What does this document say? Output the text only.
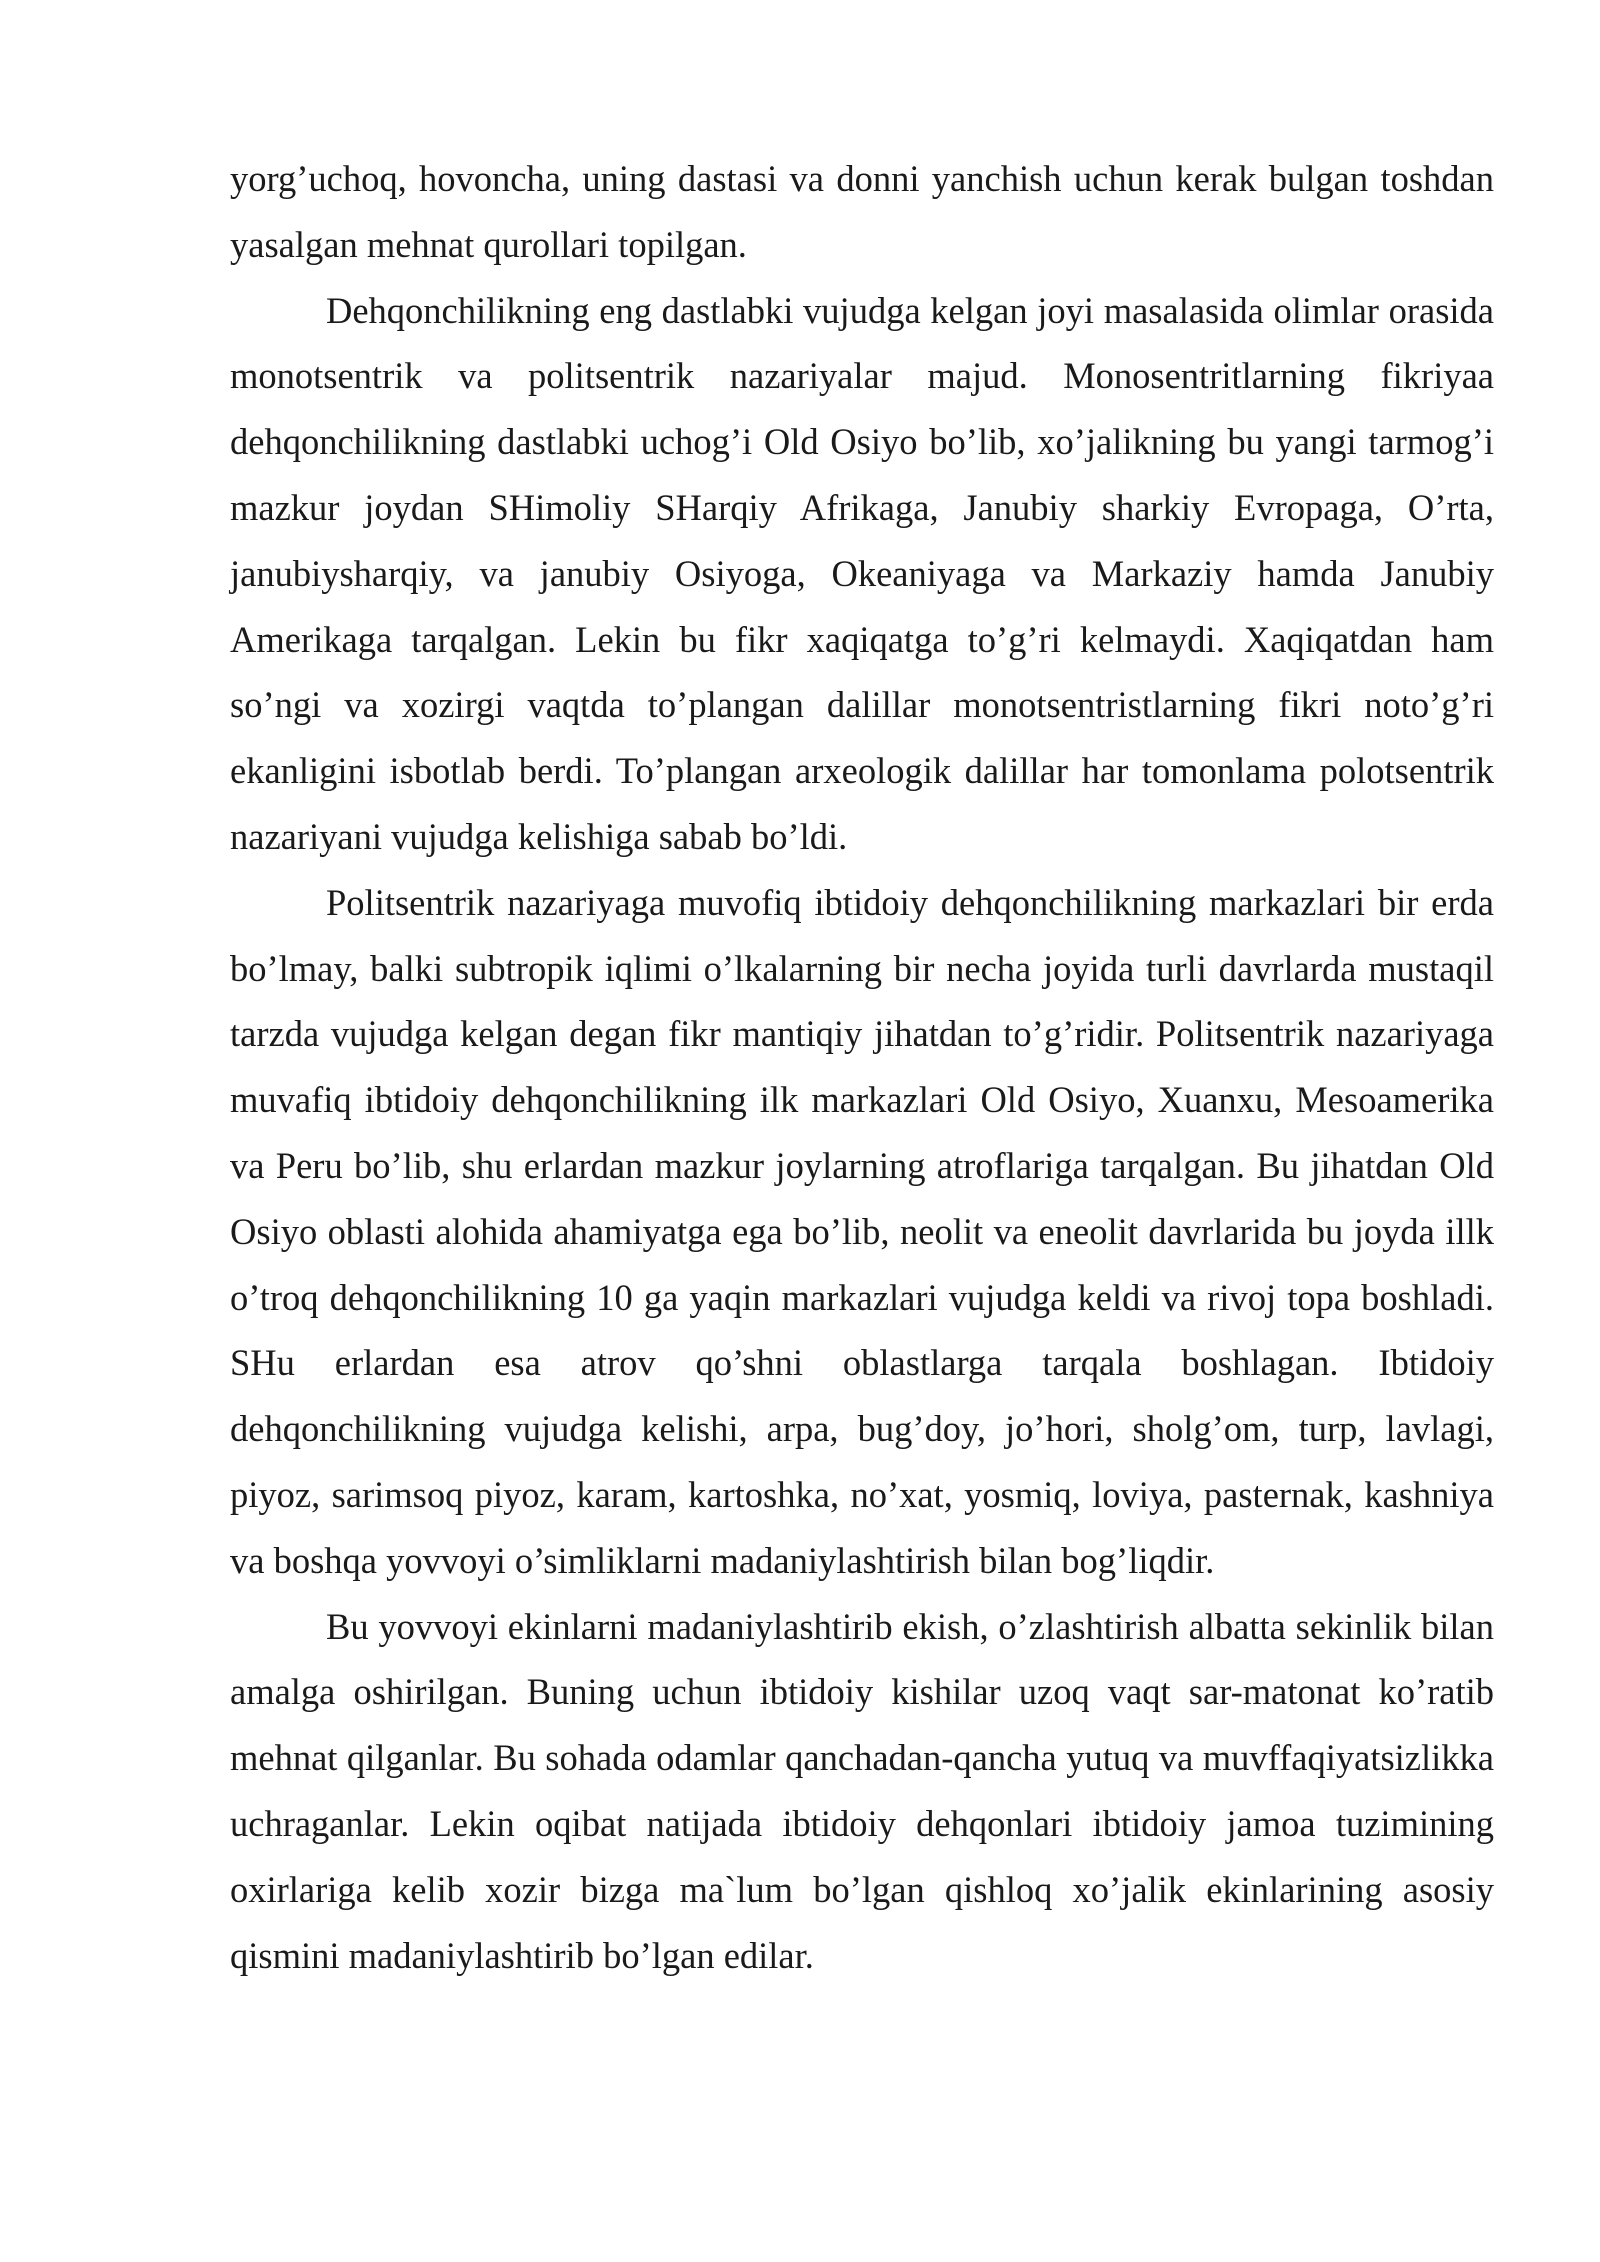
yorg’uchoq, hovoncha, uning dastasi va donni yanchish uchun kerak bulgan toshdan yasalgan mehnat qurollari topilgan.

Dehqonchilikning eng dastlabki vujudga kelgan joyi masalasida olimlar orasida monotsentrik va politsentrik nazariyalar majud. Monosentritlarning fikriyaa dehqonchilikning dastlabki uchog’i Old Osiyo bo’lib, xo’jalikning bu yangi tarmog’i mazkur joydan SHimoliy SHarqiy Afrikaga, Janubiy sharkiy Evropaga, O’rta, janubiysharqiy, va janubiy Osiyoga, Okeaniyaga va Markaziy hamda Janubiy Amerikaga tarqalgan. Lekin bu fikr xaqiqatga to’g’ri kelmaydi. Xaqiqatdan ham so’ngi va xozirgi vaqtda to’plangan dalillar monotsentristlarning fikri noto’g’ri ekanligini isbotlab berdi. To’plangan arxeologik dalillar har tomonlama polotsentrik nazariyani vujudga kelishiga sabab bo’ldi.

Politsentrik nazariyaga muvofiq ibtidoiy dehqonchilikning markazlari bir erda bo’lmay, balki subtropik iqlimi o’lkalarning bir necha joyida turli davrlarda mustaqil tarzda vujudga kelgan degan fikr mantiqiy jihatdan to’g’ridir. Politsentrik nazariyaga muvafiq ibtidoiy dehqonchilikning ilk markazlari Old Osiyo, Xuanxu, Mesoamerika va Peru bo’lib, shu erlardan mazkur joylarning atroflariga tarqalgan. Bu jihatdan Old Osiyo oblasti alohida ahamiyatga ega bo’lib, neolit va eneolit davrlarida bu joyda illk o’troq dehqonchilikning 10 ga yaqin markazlari vujudga keldi va rivoj topa boshladi. SHu erlardan esa atrov qo’shni oblastlarga tarqala boshlagan. Ibtidoiy dehqonchilikning vujudga kelishi, arpa, bug’doy, jo’hori, sholg’om, turp, lavlagi, piyoz, sarimsoq piyoz, karam, kartoshka, no’xat, yosmiq, loviya, pasternak, kashniya va boshqa yovvoyi o’simliklarni madaniylashtirish bilan bog’liqdir.

Bu yovvoyi ekinlarni madaniylashtirib ekish, o’zlashtirish albatta sekinlik bilan amalga oshirilgan. Buning uchun ibtidoiy kishilar uzoq vaqt sar-matonat ko’ratib mehnat qilganlar. Bu sohada odamlar qanchadan-qancha yutuq va muvffaqiyatsizlikka uchraganlar. Lekin oqibat natijada ibtidoiy dehqonlari ibtidoiy jamoa tuzimining oxirlariga kelib xozir bizga ma`lum bo’lgan qishloq xo’jalik ekinlarining asosiy qismini madaniylashtirib bo’lgan edilar.
